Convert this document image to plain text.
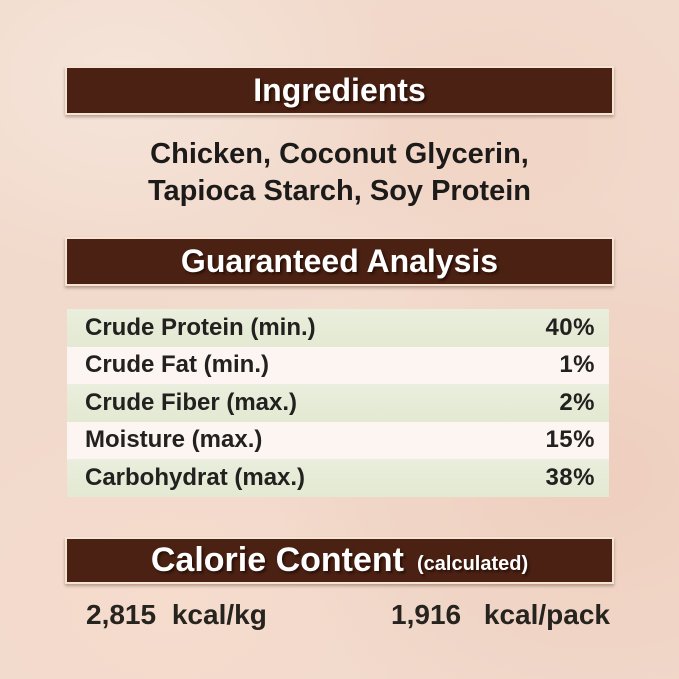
Ingredients
Chicken, Coconut Glycerin,
Tapioca Starch, Soy Protein
Guaranteed Analysis
Crude Protein (min.)	40%
Crude Fat (min.)	1%
Crude Fiber (max.)	2%
Moisture (max.)	15%
Carbohydrat (max.)	38%
Calorie Content (calculated)
2,815 kcal/kg	1,916 kcal/pack
